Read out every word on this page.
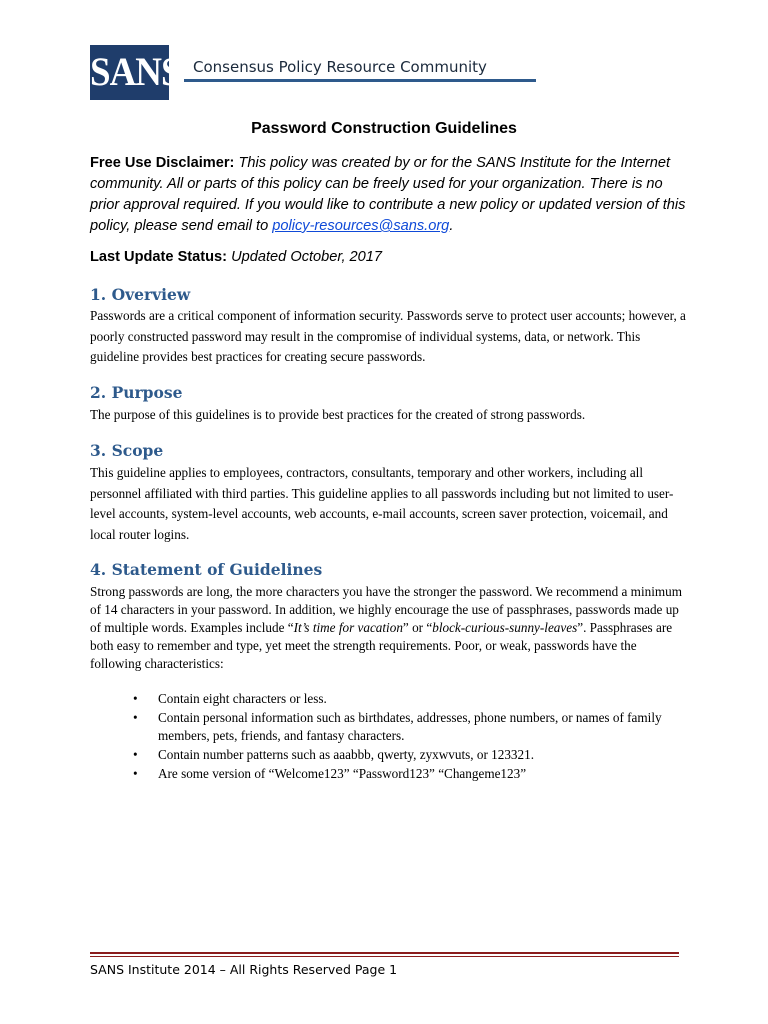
SANS Consensus Policy Resource Community
Password Construction Guidelines
Free Use Disclaimer: This policy was created by or for the SANS Institute for the Internet community. All or parts of this policy can be freely used for your organization. There is no prior approval required. If you would like to contribute a new policy or updated version of this policy, please send email to policy-resources@sans.org.
Last Update Status: Updated October, 2017
1. Overview

Passwords are a critical component of information security. Passwords serve to protect user accounts; however, a poorly constructed password may result in the compromise of individual systems, data, or network. This guideline provides best practices for creating secure passwords.

2. Purpose

The purpose of this guidelines is to provide best practices for the created of strong passwords.

3. Scope

This guideline applies to employees, contractors, consultants, temporary and other workers, including all personnel affiliated with third parties. This guideline applies to all passwords including but not limited to user-level accounts, system-level accounts, web accounts, e-mail accounts, screen saver protection, voicemail, and local router logins.

4. Statement of Guidelines

Strong passwords are long, the more characters you have the stronger the password. We recommend a minimum of 14 characters in your password. In addition, we highly encourage the use of passphrases, passwords made up of multiple words. Examples include “It’s time for vacation” or “block-curious-sunny-leaves”. Passphrases are both easy to remember and type, yet meet the strength requirements. Poor, or weak, passwords have the following characteristics:

• Contain eight characters or less.
• Contain personal information such as birthdates, addresses, phone numbers, or names of family members, pets, friends, and fantasy characters.
• Contain number patterns such as aaabbb, qwerty, zyxwvuts, or 123321.
• Are some version of “Welcome123” “Password123” “Changeme123”
SANS Institute 2014 – All Rights Reserved Page 1
